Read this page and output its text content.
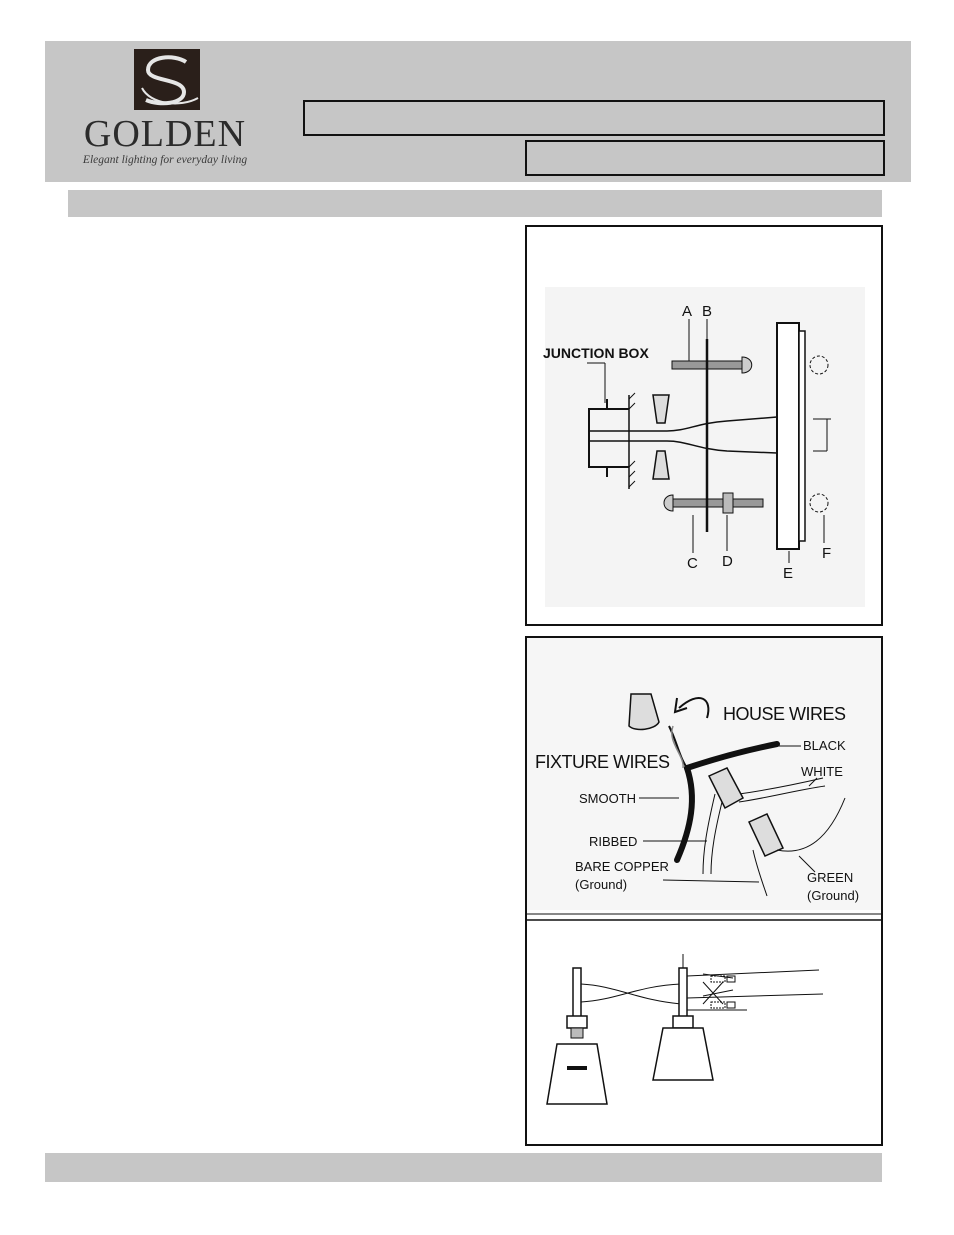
GOLDEN
Elegant lighting for everyday living
JUNCTION BOX
A B
C D
E
F
HOUSE WIRES
FIXTURE WIRES
BLACK
WHITE
SMOOTH
RIBBED
BARE COPPER
(Ground)	GREEN
(Ground)
